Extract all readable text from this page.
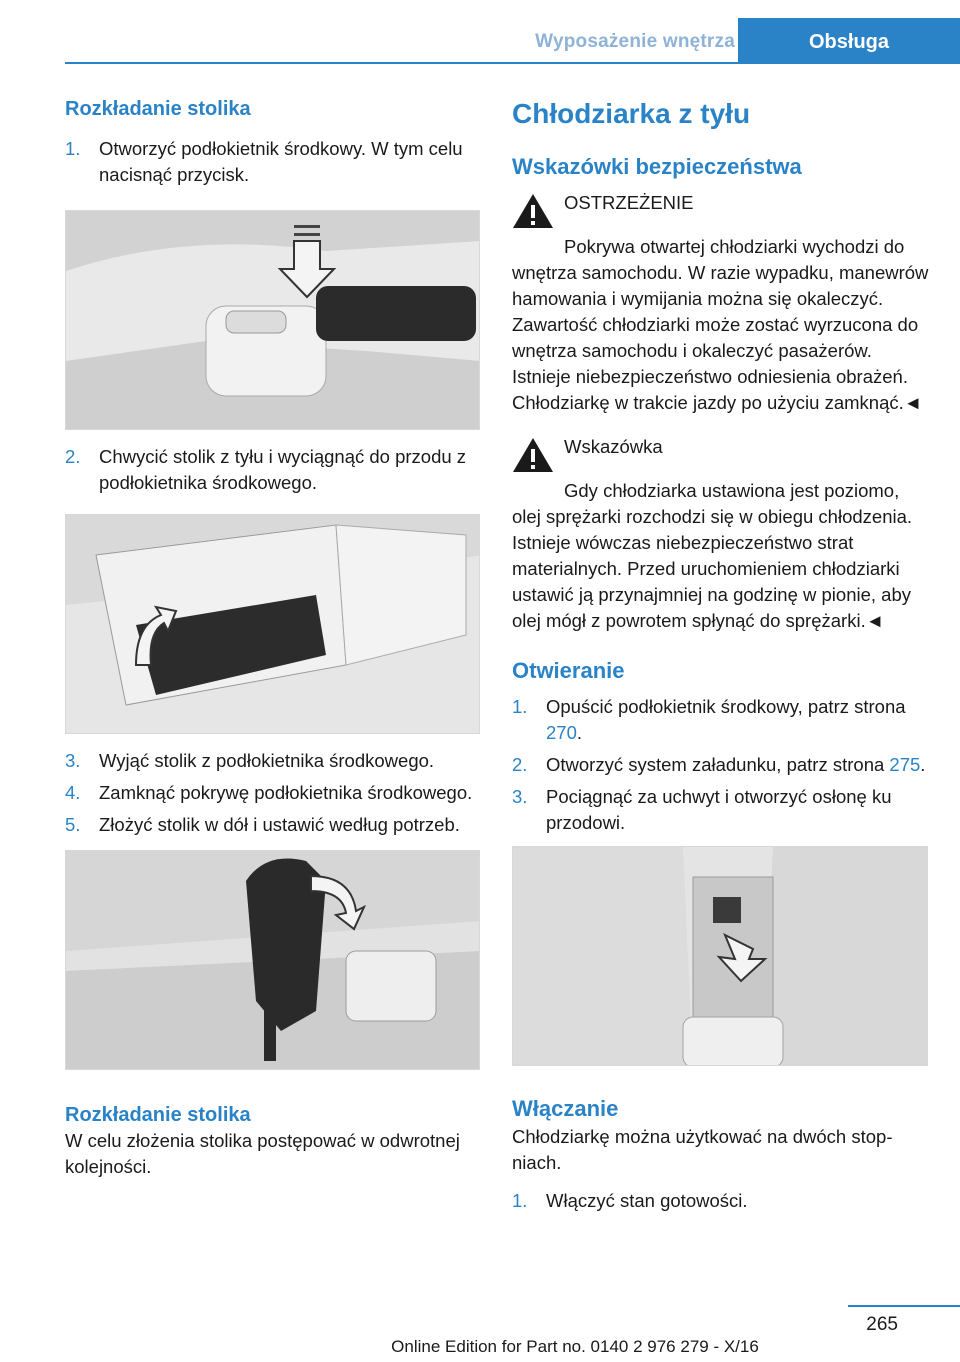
Wyposażenie wnętrza	Obsługa
Rozkładanie stolika
1.	Otworzyć podłokietnik środkowy. W tym celu nacisnąć przycisk.
2.	Chwycić stolik z tyłu i wyciągnąć do przodu z podłokietnika środkowego.
3.	Wyjąć stolik z podłokietnika środkowego.
4.	Zamknąć pokrywę podłokietnika środkowego.
5.	Złożyć stolik w dół i ustawić według potrzeb.
Rozkładanie stolika

W celu złożenia stolika postępować w odwrotnej kolejności.

Chłodziarka z tyłu
Wskazówki bezpieczeństwa
OSTRZEŻENIE
Pokrywa otwartej chłodziarki wychodzi do wnętrza samochodu. W razie wypadku, manewrów hamowania i wymijania można się okaleczyć. Zawartość chłodziarki może zostać wyrzucona do wnętrza samochodu i okaleczyć pasażerów. Istnieje niebezpieczeństwo odniesienia obrażeń. Chłodziarkę w trakcie jazdy po użyciu zamknąć.◄
Wskazówka
Gdy chłodziarka ustawiona jest poziomo, olej sprężarki rozchodzi się w obiegu chłodzenia. Istnieje wówczas niebezpieczeństwo strat materialnych. Przed uruchomieniem chłodziarki ustawić ją przynajmniej na godzinę w pionie, aby olej mógł z powrotem spłynąć do sprężarki.◄
Otwieranie
1.	Opuścić podłokietnik środkowy, patrz strona 270.
2.	Otworzyć system załadunku, patrz strona 275.
3.	Pociągnąć za uchwyt i otworzyć osłonę ku przodowi.
Włączanie

Chłodziarkę można użytkować na dwóch stopniach.

1.	Włączyć stan gotowości.
265
Online Edition for Part no. 0140 2 976 279 - X/16
